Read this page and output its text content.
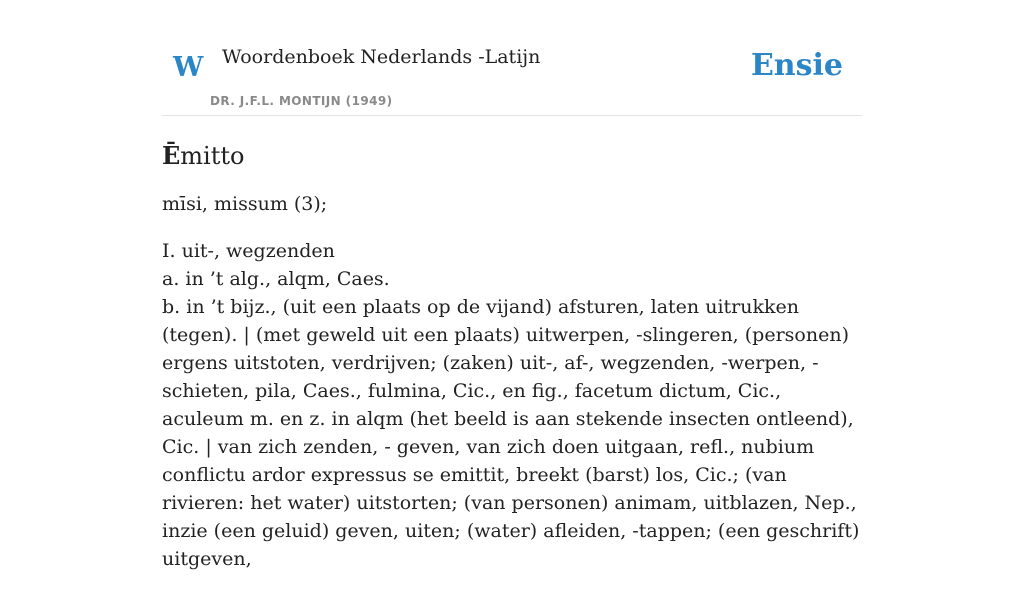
W Woordenboek Nederlands -Latijn
DR. J.F.L. MONTIJN (1949)
Ensie
Ēmitto

mīsi, missum (3);

I. uit-, wegzenden
a. in ’t alg., alqm, Caes.
b. in ’t bijz., (uit een plaats op de vijand) afsturen, laten uitrukken (tegen). | (met geweld uit een plaats) uitwerpen, -slingeren, (personen) ergens uitstoten, verdrijven; (zaken) uit-, af-, wegzenden, -werpen, -schieten, pila, Caes., fulmina, Cic., en fig., facetum dictum, Cic., aculeum m. en z. in alqm (het beeld is aan stekende insecten ontleend), Cic. | van zich zenden, - geven, van zich doen uitgaan, refl., nubium conflictu ardor expressus se emittit, breekt (barst) los, Cic.; (van rivieren: het water) uitstorten; (van personen) animam, uitblazen, Nep., inzie (een geluid) geven, uiten; (water) afleiden, -tappen; (een geschrift) uitgeven,
